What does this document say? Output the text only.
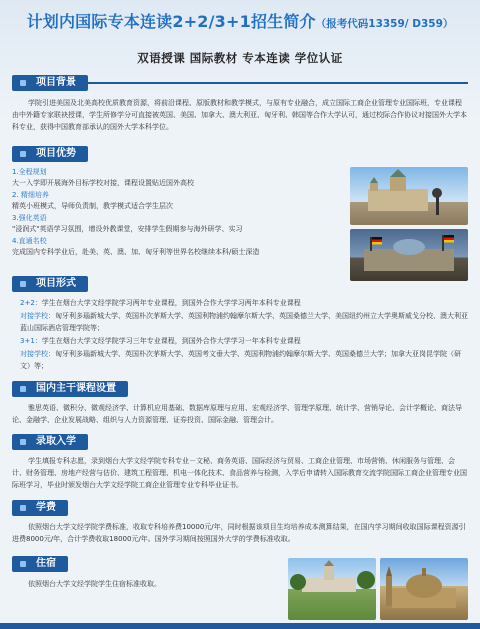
计划内国际专本连读2+2/3+1招生简介（报考代码13359/ D359）
双语授课 国际教材 专本连读 学位认证
项目背景

学院引进美国及北美高校优质教育资源，将前沿课程、原版教材和教学模式，与原有专业融合，成立国际工商企业管理专业国际班，专业课程由中外籍专家联袂授课，学生所修学分可直接被英国、美国、加拿大、澳大利亚、匈牙利、韩国等合作大学认可，通过校际合作协议对接国外大学本科专业，获得中国教育部承认的国外大学本科学位。

项目优势
1.全程规划
大一入学即开展海外目标学校对接，课程设置贴近国外高校
2. 精细培养
精英小班模式，导师负责制，教学模式适合学生层次
3.强化英语
"浸润式"英语学习氛围，增设外教课堂，安排学生假期参与海外研学、实习
4.直通名校
完成国内专科学业后，赴美、英、澳、加、匈牙利等世界名校继续本科/硕士深造
项目形式

2+2：学生在烟台大学文经学院学习两年专业课程，到国外合作大学学习两年本科专业课程

对接学校：匈牙利多瑙新城大学、英国朴次茅斯大学、英国利物浦约翰摩尔斯大学、英国桑德兰大学、美国纽约州立大学奥斯威戈分校、澳大利亚蓝山国际酒店管理学院等；

3+1：学生在烟台大学文经学院学习三年专业课程，到国外合作大学学习一年本科专业课程

对接学校：匈牙利多瑙新城大学、英国朴次茅斯大学、英国考文垂大学、英国利物浦约翰摩尔斯大学、英国桑德兰大学；加拿大亚岗昆学院（研文）等；

国内主干课程设置

雅思英语、微积分、微观经济学、计算机应用基础、数据库原理与应用、宏观经济学、管理学原理、统计学、营销导论、会计学概论、商法导论、金融学、企业发展战略、组织与人力资源管理、证券投资、国际金融、管理会计。

录取入学

学生填报专科志愿，录到烟台大学文经学院专科专业－文秘、商务英语、国际经济与贸易、工商企业管理、市场营销、休闲服务与管理、会计、财务管理、房地产经营与估价、建筑工程管理、机电一体化技术、食品营养与检测，入学后申请转入国际教育交流学院国际工商企业管理专业国际班学习，毕业时颁发烟台大学文经学院工商企业管理专业专科毕业证书。

学费

依照烟台大学文经学院学费标准，收取专科培养费10000元/年，同时根据该项目生均培养成本测算结果，在国内学习期间收取国际课程资源引进费8000元/年，合计学费收取18000元/年。国外学习期间按照国外大学的学费标准收取。

住宿

依照烟台大学文经学院学生住宿标准收取。
